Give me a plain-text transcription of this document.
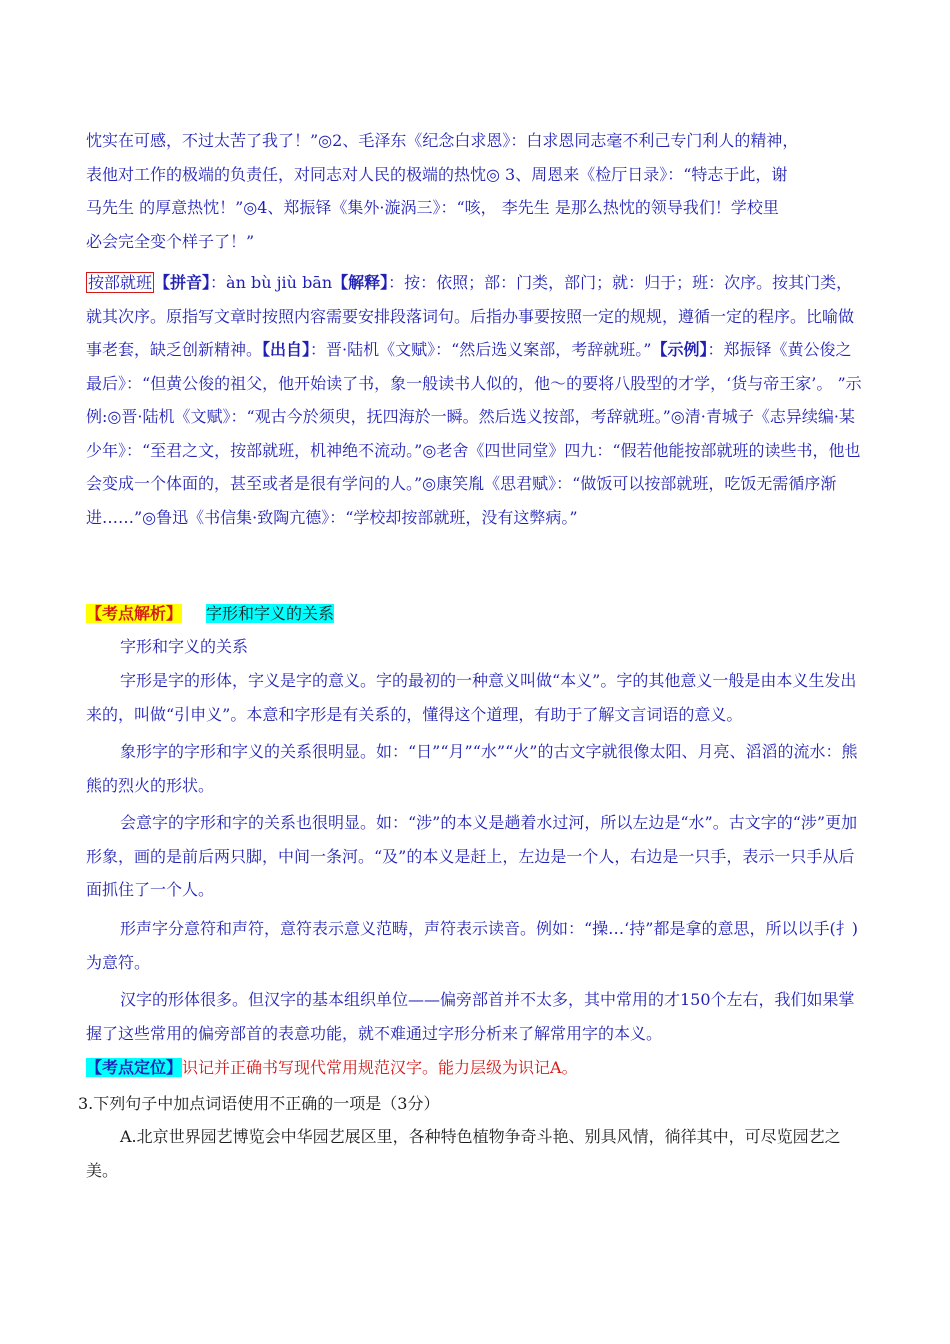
忱实在可感，不过太苦了我了！”◎2、毛泽东《纪念白求恩》：白求恩同志毫不利己专门利人的精神，
表他对工作的极端的负责任，对同志对人民的极端的热忱◎ 3、周恩来《检厅日录》：“特志于此，谢
马先生 的厚意热忱！”◎4、郑振铎《集外·漩涡三》：“咳， 李先生 是那么热忱的领导我们！学校里
必会完全变个样子了！”

按部就班 【拼音】：àn bù jiù bān【解释】：按：依照；部：门类，部门；就：归于；班：次序。按其门类，就其次序。原指写文章时按照内容需要安排段落词句。后指办事要按照一定的规规，遵循一定的程序。比喻做事老套，缺乏创新精神。【出自】：晋·陆机《文赋》：“然后选义案部，考辞就班。”【示例】：郑振铎《黄公俊之最后》：“但黄公俊的祖父，他开始读了书，象一般读书人似的，他～的要将八股型的才学，‘货与帝王家’。 ”示例:◎晋·陆机《文赋》：“观古今於须臾，抚四海於一瞬。然后选义按部，考辞就班。”◎清·青城子《志异续编·某少年》：“至君之文，按部就班，机神绝不流动。”◎老舍《四世同堂》四九：“假若他能按部就班的读些书，他也会变成一个体面的，甚至或者是很有学问的人。”◎康笑胤《思君赋》：“做饭可以按部就班，吃饭无需循序渐进……”◎鲁迅《书信集·致陶亢德》：“学校却按部就班，没有这弊病。”

【考点解析】 字形和字义的关系

字形和字义的关系

字形是字的形体，字义是字的意义。字的最初的一种意义叫做“本义”。字的其他意义一般是由本义生发出来的，叫做“引申义”。本意和字形是有关系的，懂得这个道理，有助于了解文言词语的意义。

象形字的字形和字义的关系很明显。如：“日”“月”“水”“火”的古文字就很像太阳、月亮、滔滔的流水：熊熊的烈火的形状。

会意字的字形和字的关系也很明显。如：“涉”的本义是趟着水过河，所以左边是“水”。古文字的“涉”更加形象，画的是前后两只脚，中间一条河。“及”的本义是赶上，左边是一个人，右边是一只手，表示一只手从后面抓住了一个人。

形声字分意符和声符，意符表示意义范畴，声符表示读音。例如：“操…‘持”都是拿的意思，所以以手(扌)为意符。

汉字的形体很多。但汉字的基本组织单位——偏旁部首并不太多，其中常用的才150个左右，我们如果掌握了这些常用的偏旁部首的表意功能，就不难通过字形分析来了解常用字的本义。

【考点定位】识记并正确书写现代常用规范汉字。能力层级为识记A。

3.下列句子中加点词语使用不正确的一项是（3分）

A.北京世界园艺博览会中华园艺展区里，各种特色植物争奇斗艳、别具风情，徜徉其中，可尽览园艺之美。
